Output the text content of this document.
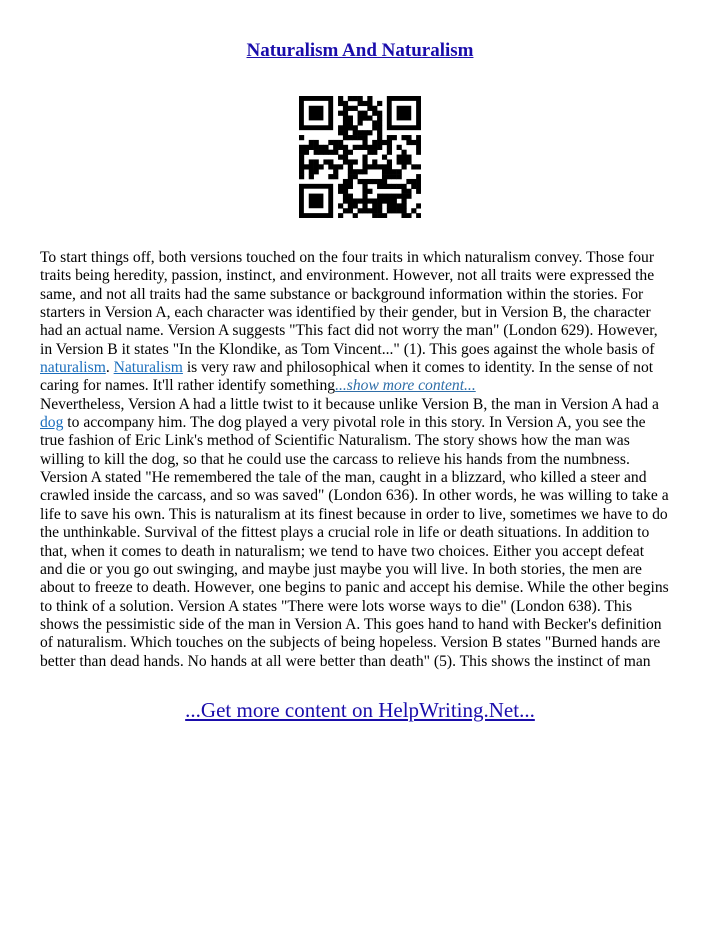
Naturalism And Naturalism
To start things off, both versions touched on the four traits in which naturalism convey. Those four
traits being heredity, passion, instinct, and environment. However, not all traits were expressed the
same, and not all traits had the same substance or background information within the stories. For
starters in Version A, each character was identified by their gender, but in Version B, the character
had an actual name. Version A suggests "This fact did not worry the man" (London 629). However,
in Version B it states "In the Klondike, as Tom Vincent..." (1). This goes against the whole basis of
naturalism. Naturalism is very raw and philosophical when it comes to identity. In the sense of not
caring for names. It'll rather identify something...show more content...
Nevertheless, Version A had a little twist to it because unlike Version B, the man in Version A had a
dog to accompany him. The dog played a very pivotal role in this story. In Version A, you see the
true fashion of Eric Link's method of Scientific Naturalism. The story shows how the man was
willing to kill the dog, so that he could use the carcass to relieve his hands from the numbness.
Version A stated "He remembered the tale of the man, caught in a blizzard, who killed a steer and
crawled inside the carcass, and so was saved" (London 636). In other words, he was willing to take a
life to save his own. This is naturalism at its finest because in order to live, sometimes we have to do
the unthinkable. Survival of the fittest plays a crucial role in life or death situations. In addition to
that, when it comes to death in naturalism; we tend to have two choices. Either you accept defeat
and die or you go out swinging, and maybe just maybe you will live. In both stories, the men are
about to freeze to death. However, one begins to panic and accept his demise. While the other begins
to think of a solution. Version A states "There were lots worse ways to die" (London 638). This
shows the pessimistic side of the man in Version A. This goes hand to hand with Becker's definition
of naturalism. Which touches on the subjects of being hopeless. Version B states "Burned hands are
better than dead hands. No hands at all were better than death" (5). This shows the instinct of man
...Get more content on HelpWriting.Net...
